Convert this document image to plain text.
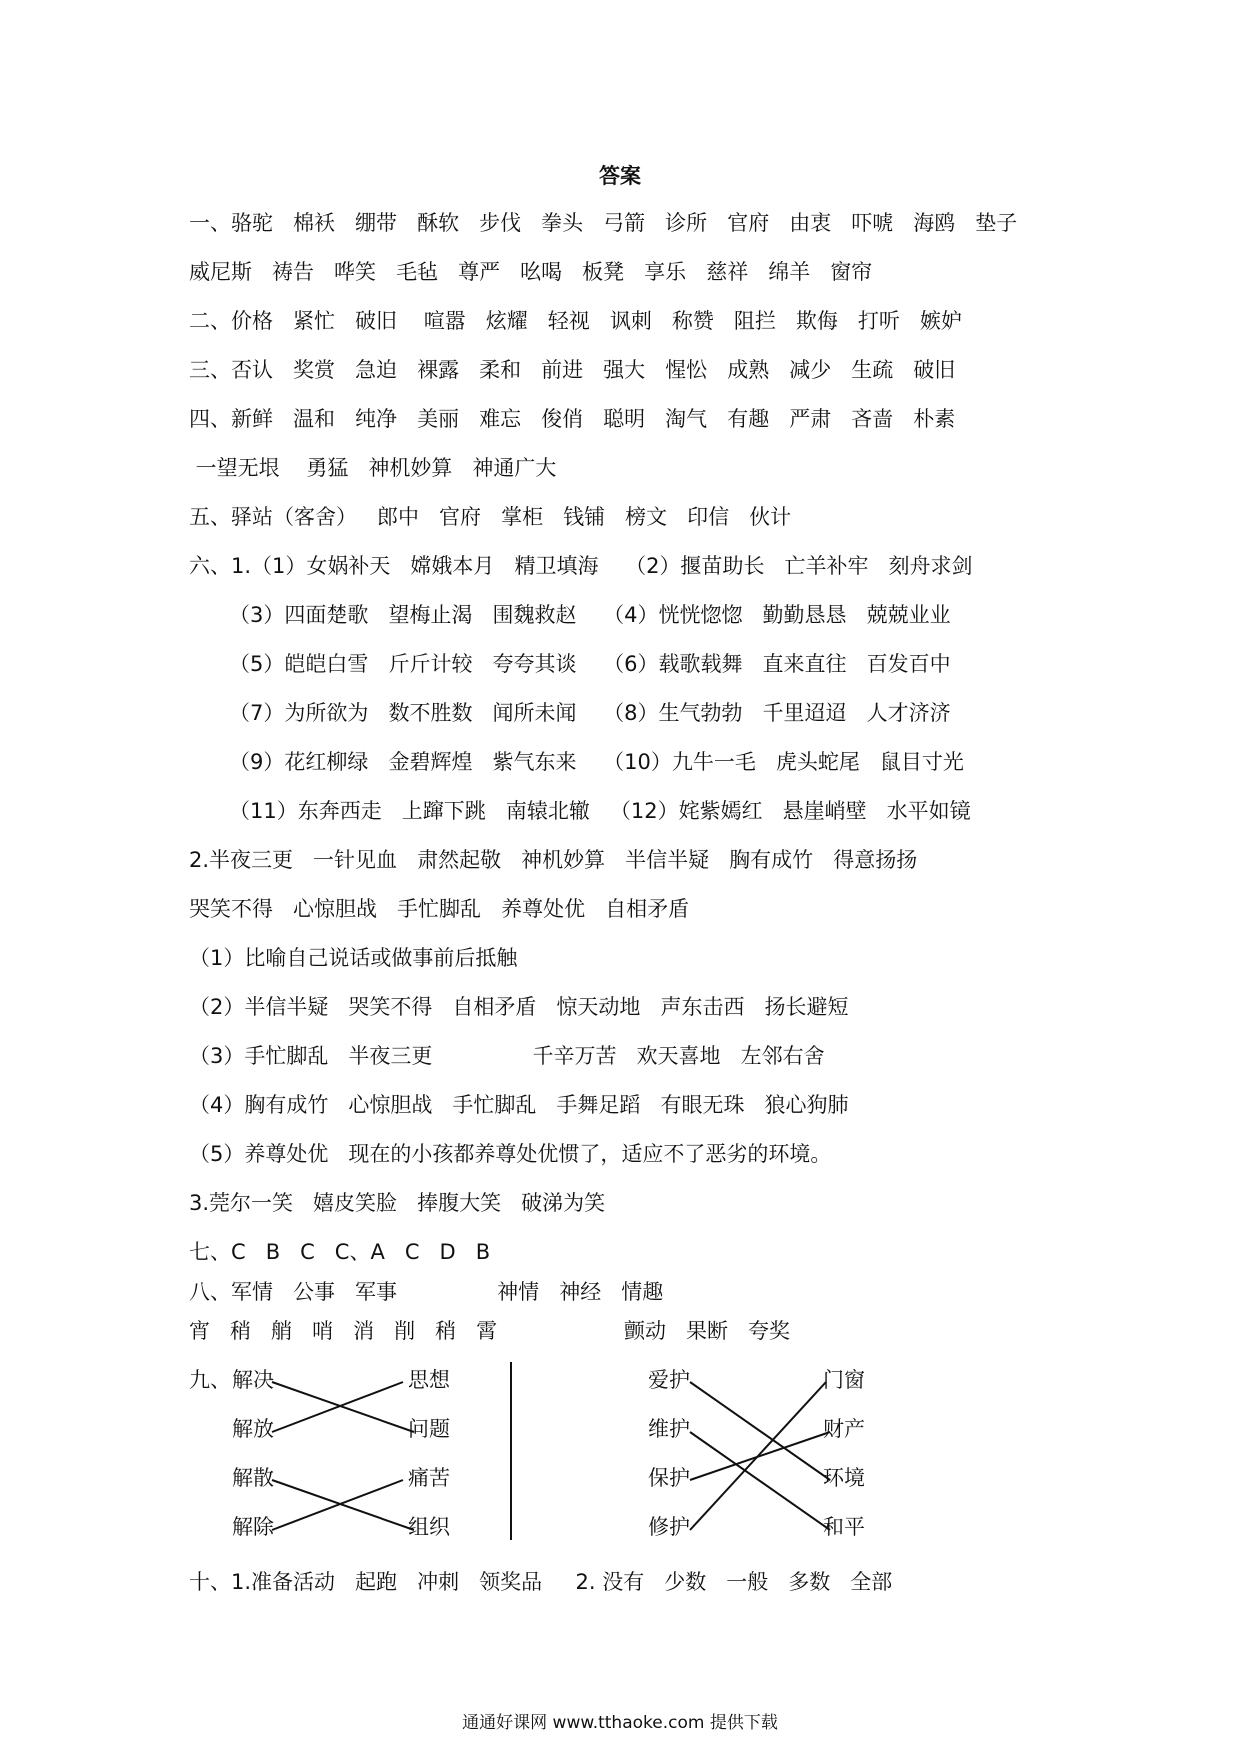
答案
一、骆驼   棉袄   绷带   酥软   步伐   拳头   弓箭   诊所   官府   由衷   吓唬   海鸥   垫子
威尼斯   祷告   哗笑   毛毡   尊严   吆喝   板凳   享乐   慈祥   绵羊   窗帘
二、价格   紧忙   破旧    喧嚣   炫耀   轻视   讽刺   称赞   阻拦   欺侮   打听   嫉妒
三、否认   奖赏   急迫   裸露   柔和   前进   强大   惺忪   成熟   减少   生疏   破旧
四、新鲜   温和   纯净   美丽   难忘   俊俏   聪明   淘气   有趣   严肃   吝啬   朴素
一望无垠    勇猛   神机妙算   神通广大
五、驿站（客舍）   郎中   官府   掌柜   钱铺   榜文   印信   伙计
六、1.（1）女娲补天   嫦娥本月   精卫填海    （2）揠苗助长   亡羊补牢   刻舟求剑
（3）四面楚歌   望梅止渴   围魏救赵    （4）恍恍惚惚   勤勤恳恳   兢兢业业
（5）皑皑白雪   斤斤计较   夸夸其谈    （6）载歌载舞   直来直往   百发百中
（7）为所欲为   数不胜数   闻所未闻    （8）生气勃勃   千里迢迢   人才济济
（9）花红柳绿   金碧辉煌   紫气东来    （10）九牛一毛   虎头蛇尾   鼠目寸光
（11）东奔西走   上蹿下跳   南辕北辙   （12）姹紫嫣红   悬崖峭壁   水平如镜
2.半夜三更   一针见血   肃然起敬   神机妙算   半信半疑   胸有成竹   得意扬扬
哭笑不得   心惊胆战   手忙脚乱   养尊处优   自相矛盾
（1）比喻自己说话或做事前后抵触
（2）半信半疑   哭笑不得   自相矛盾   惊天动地   声东击西   扬长避短
（3）手忙脚乱   半夜三更               千辛万苦   欢天喜地   左邻右舍
（4）胸有成竹   心惊胆战   手忙脚乱   手舞足蹈   有眼无珠   狼心狗肺
（5）养尊处优   现在的小孩都养尊处优惯了，适应不了恶劣的环境。
3.莞尔一笑   嬉皮笑脸   捧腹大笑   破涕为笑
七、C   B   C   C、A   C   D   B
八、军情   公事   军事               神情   神经   情趣
宵   稍   艄   哨   消   削   稍   霄                   颤动   果断   夸奖
九、 解决
解放
解散
解除
思想
问题
痛苦
组织
爱护
维护
保护
修护
门窗
财产
环境
和平
十、1.准备活动   起跑   冲刺   领奖品     2. 没有   少数   一般   多数   全部
通通好课网 www.tthaoke.com 提供下载
